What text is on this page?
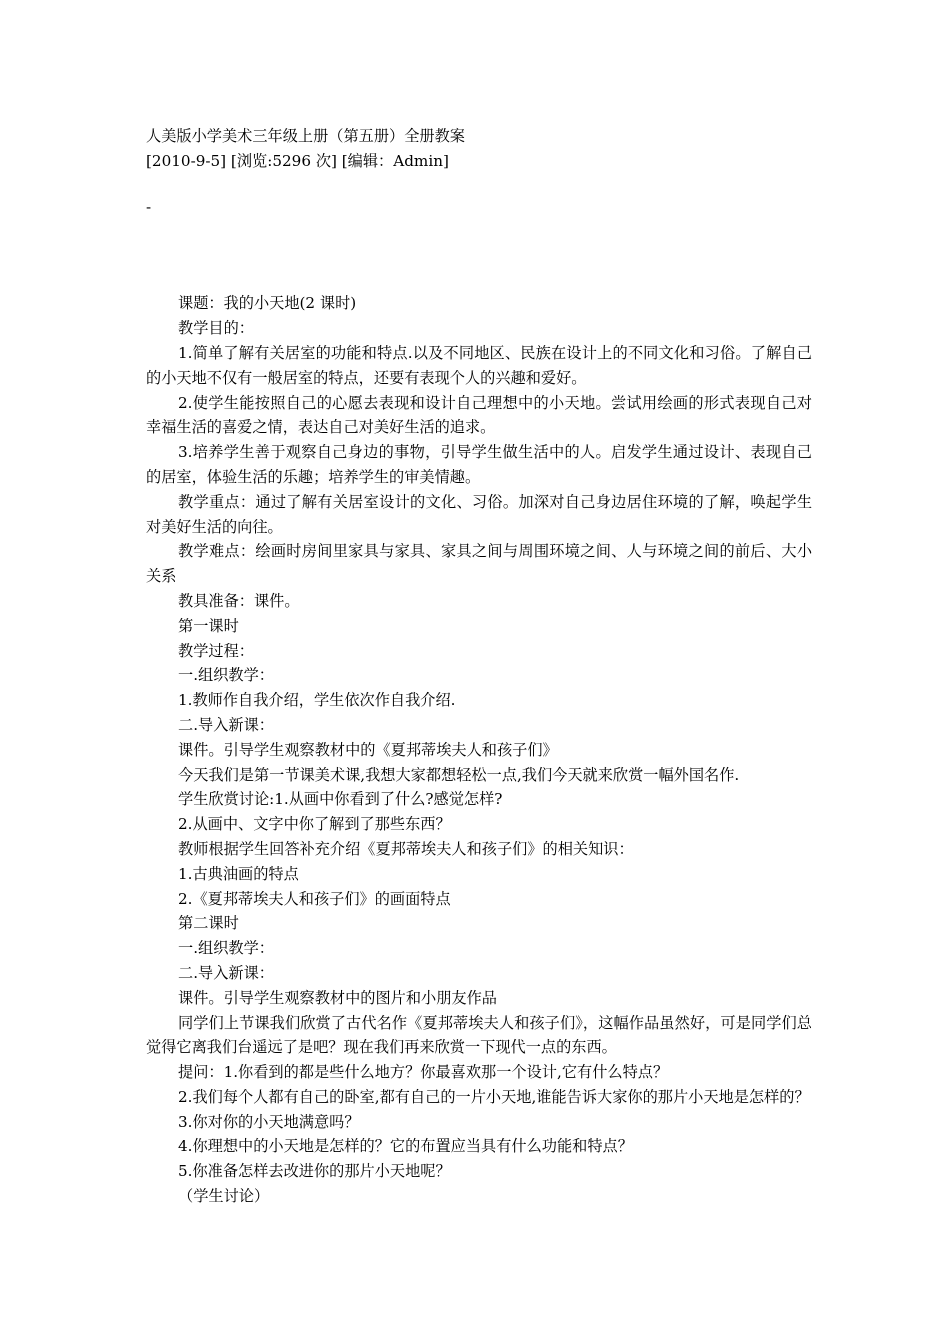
人美版小学美术三年级上册（第五册）全册教案
[2010-9-5] [浏览:5296 次] [编辑：Admin]
-

课题：我的小天地(2 课时)

教学目的：

1.简单了解有关居室的功能和特点.以及不同地区、民族在设计上的不同文化和习俗。了解自己的小天地不仅有一般居室的特点，还要有表现个人的兴趣和爱好。

2.使学生能按照自己的心愿去表现和设计自己理想中的小天地。尝试用绘画的形式表现自己对幸福生活的喜爱之情，表达自己对美好生活的追求。

3.培养学生善于观察自己身边的事物，引导学生做生活中的人。启发学生通过设计、表现自己的居室，体验生活的乐趣；培养学生的审美情趣。

教学重点：通过了解有关居室设计的文化、习俗。加深对自己身边居住环境的了解，唤起学生对美好生活的向往。

教学难点：绘画时房间里家具与家具、家具之间与周围环境之间、人与环境之间的前后、大小关系

教具准备：课件。

第一课时

教学过程：

一.组织教学：

1.教师作自我介绍，学生依次作自我介绍.

二.导入新课：

课件。引导学生观察教材中的《夏邦蒂埃夫人和孩子们》

今天我们是第一节课美术课,我想大家都想轻松一点,我们今天就来欣赏一幅外国名作.

学生欣赏讨论:1.从画中你看到了什么?感觉怎样?

2.从画中、文字中你了解到了那些东西？

教师根据学生回答补充介绍《夏邦蒂埃夫人和孩子们》的相关知识：

1.古典油画的特点

2.《夏邦蒂埃夫人和孩子们》的画面特点

第二课时

一.组织教学：

二.导入新课：

课件。引导学生观察教材中的图片和小朋友作品

同学们上节课我们欣赏了古代名作《夏邦蒂埃夫人和孩子们》，这幅作品虽然好，可是同学们总觉得它离我们台遥远了是吧？现在我们再来欣赏一下现代一点的东西。

提问：1.你看到的都是些什么地方？你最喜欢那一个设计,它有什么特点？

2.我们每个人都有自己的卧室,都有自己的一片小天地,谁能告诉大家你的那片小天地是怎样的？

3.你对你的小天地满意吗？

4.你理想中的小天地是怎样的？它的布置应当具有什么功能和特点？

5.你准备怎样去改进你的那片小天地呢？

（学生讨论）
